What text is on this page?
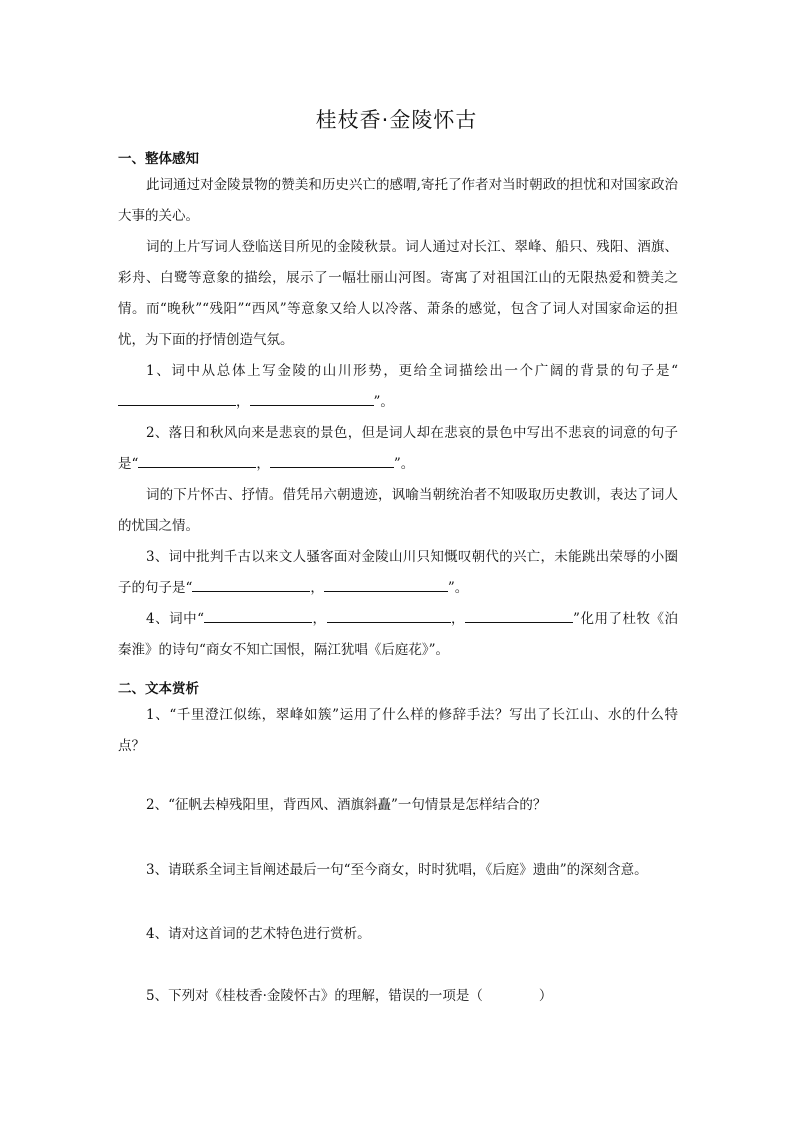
桂枝香·金陵怀古
一、整体感知
此词通过对金陵景物的赞美和历史兴亡的感喟,寄托了作者对当时朝政的担忧和对国家政治大事的关心。
词的上片写词人登临送目所见的金陵秋景。词人通过对长江、翠峰、船只、残阳、酒旗、彩舟、白鹭等意象的描绘，展示了一幅壮丽山河图。寄寓了对祖国江山的无限热爱和赞美之情。而“晚秋”“残阳”“西风”等意象又给人以冷落、萧条的感觉，包含了词人对国家命运的担忧，为下面的抒情创造气氛。
1、词中从总体上写金陵的山川形势，更给全词描绘出一个广阔的背景的句子是“，	”。
2、落日和秋风向来是悲哀的景色，但是词人却在悲哀的景色中写出不悲哀的词意的句子是“	，	”。
词的下片怀古、抒情。借凭吊六朝遗迹，讽喻当朝统治者不知吸取历史教训，表达了词人的忧国之情。
3、词中批判千古以来文人骚客面对金陵山川只知慨叹朝代的兴亡，未能跳出荣辱的小圈子的句子是“	，	”。
4、词中“	，	，	”化用了杜牧《泊秦淮》的诗句“商女不知亡国恨，隔江犹唱《后庭花》”。
二、文本赏析
1、“千里澄江似练，翠峰如簇”运用了什么样的修辞手法？写出了长江山、水的什么特点？
2、“征帆去棹残阳里，背西风、酒旗斜矗”一句情景是怎样结合的？
3、请联系全词主旨阐述最后一句“至今商女，时时犹唱，《后庭》遗曲”的深刻含意。
4、请对这首词的艺术特色进行赏析。
5、下列对《桂枝香·金陵怀古》的理解，错误的一项是（	）
